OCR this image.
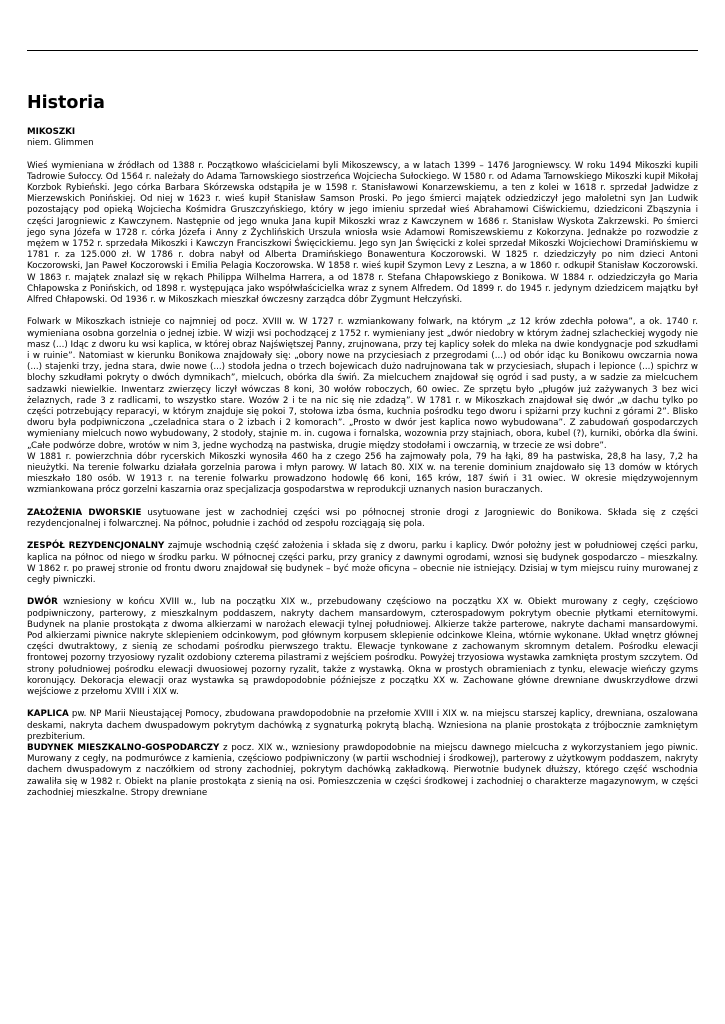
Historia

MIKOSZKI

niem. Glimmen

Wieś wymieniana w źródłach od 1388 r. Początkowo właścicielami byli Mikoszewscy, a w latach 1399 – 1476 Jarogniewscy. W roku 1494 Mikoszki kupili Tadrowie Sułoccy. Od 1564 r. należały do Adama Tarnowskiego siostrzeńca Wojciecha Sułockiego. W 1580 r. od Adama Tarnowskiego Mikoszki kupił Mikołaj Korzbok Rybieński. Jego córka Barbara Skórzewska odstąpiła je w 1598 r. Stanisławowi Konarzewskiemu, a ten z kolei w 1618 r. sprzedał Jadwidze z Mierzewskich Ponińskiej. Od niej w 1623 r. wieś kupił Stanisław Samson Proski. Po jego śmierci majątek odziedziczył jego małoletni syn Jan Ludwik pozostający pod opieką Wojciecha Kośmidra Gruszczyńskiego, który w jego imieniu sprzedał wieś Abrahamowi Ciświckiemu, dziedziconi Zbąszynia i części Jarogniewic z Kawczynem. Następnie od jego wnuka Jana kupił Mikoszki wraz z Kawczynem w 1686 r. Stanisław Wyskota Zakrzewski. Po śmierci jego syna Józefa w 1728 r. córka Józefa i Anny z Żychlińskich Urszula wniosła wsie Adamowi Romiszewskiemu z Kokorzyna. Jednakże po rozwodzie z mężem w 1752 r. sprzedała Mikoszki i Kawczyn Franciszkowi Święcickiemu. Jego syn Jan Święcicki z kolei sprzedał Mikoszki Wojciechowi Dramińskiemu w 1781 r. za 125.000 zł. W 1786 r. dobra nabył od Alberta Dramińskiego Bonawentura Koczorowski. W 1825 r. dziedziczyły po nim dzieci Antoni Koczorowski, Jan Paweł Koczorowski i Emilia Pelagia Koczorowska. W 1858 r. wieś kupił Szymon Levy z Leszna, a w 1860 r. odkupił Stanisław Koczorowski. W 1863 r. majątek znalazł się w rękach Philippa Wilhelma Harrera, a od 1878 r. Stefana Chłapowskiego z Bonikowa. W 1884 r. odziedziczyła go Maria Chłapowska z Ponińskich, od 1898 r. występująca jako współwłaścicielka wraz z synem Alfredem. Od 1899 r. do 1945 r. jedynym dziedzicem majątku był Alfred Chłapowski. Od 1936 r. w Mikoszkach mieszkał ówczesny zarządca dóbr Zygmunt Hełczyński.

Folwark w Mikoszkach istnieje co najmniej od pocz. XVIII w. W 1727 r. wzmiankowany folwark, na którym „z 12 krów zdechła połowa”, a ok. 1740 r. wymieniana osobna gorzelnia o jednej izbie. W wizji wsi pochodzącej z 1752 r. wymieniany jest „dwór niedobry w którym żadnej szlacheckiej wygody nie masz (...) Idąc z dworu ku wsi kaplica, w której obraz Najświętszej Panny, zrujnowana, przy tej kaplicy sołek do mleka na dwie kondygnacje pod szkudłami i w ruinie”. Natomiast w kierunku Bonikowa znajdowały się: „obory nowe na przyciesiach z przegrodami (...) od obór idąc ku Bonikowu owczarnia nowa (...) stajenki trzy, jedna stara, dwie nowe (...) stodoła jedna o trzech bojewicach dużo nadrujnowana tak w przyciesiach, słupach i lepionce (...) spichrz w blochy szkudłami pokryty o dwóch dymnikach”, mielcuch, obórka dla świń. Za mielcuchem znajdował się ogród i sad pusty, a w sadzie za mielcuchem sadzawki niewielkie. Inwentarz zwierzęcy liczył wówczas 8 koni, 30 wołów roboczych, 60 owiec. Ze sprzętu było „pługów już zażywanych 3 bez wici żelaznych, rade 3 z radlicami, to wszystko stare. Wozów 2 i te na nic się nie zdadzą”. W 1781 r. w Mikoszkach znajdował się dwór „w dachu tylko po części potrzebujący reparacyi, w którym znajduje się pokoi 7, stołowa izba ósma, kuchnia pośrodku tego dworu i spiżarni przy kuchni z górami 2”. Blisko dworu była podpiwniczona „czeladnica stara o 2 izbach i 2 komorach”. „Prosto w dwór jest kaplica nowo wybudowana”. Z zabudowań gospodarczych wymieniany mielcuch nowo wybudowany, 2 stodoły, stajnie m. in. cugowa i fornalska, wozownia przy stajniach, obora, kubel (?), kurniki, obórka dla świni. „Całe podwórze dobre, wrotów w nim 3, jedne wychodzą na pastwiska, drugie między stodołami i owczarnią, w trzecie ze wsi dobre”.

W 1881 r. powierzchnia dóbr rycerskich Mikoszki wynosiła 460 ha z czego 256 ha zajmowały pola, 79 ha łąki, 89 ha pastwiska, 28,8 ha lasy, 7,2 ha nieużytki. Na terenie folwarku działała gorzelnia parowa i młyn parowy. W latach 80. XIX w. na terenie dominium znajdowało się 13 domów w których mieszkało 180 osób. W 1913 r. na terenie folwarku prowadzono hodowlę 66 koni, 165 krów, 187 świń i 31 owiec. W okresie międzywojennym wzmiankowana prócz gorzelni kaszarnia oraz specjalizacja gospodarstwa w reprodukcji uznanych nasion buraczanych.

ZAŁOŻENIA DWORSKIE usytuowane jest w zachodniej części wsi po północnej stronie drogi z Jarogniewic do Bonikowa. Składa się z części rezydencjonalnej i folwarcznej. Na północ, południe i zachód od zespołu rozciągają się pola.

ZESPÓŁ REZYDENCJONALNY zajmuje wschodnią część założenia i składa się z dworu, parku i kaplicy. Dwór położny jest w południowej części parku, kaplica na północ od niego w środku parku. W północnej części parku, przy granicy z dawnymi ogrodami, wznosi się budynek gospodarczo – mieszkalny. W 1862 r. po prawej stronie od frontu dworu znajdował się budynek – być może oficyna – obecnie nie istniejący. Dzisiaj w tym miejscu ruiny murowanej z cegły piwniczki.

DWÓR wzniesiony w końcu XVIII w., lub na początku XIX w., przebudowany częściowo na początku XX w. Obiekt murowany z cegły, częściowo podpiwniczony, parterowy, z mieszkalnym poddaszem, nakryty dachem mansardowym, czterospadowym pokrytym obecnie płytkami eternitowymi. Budynek na planie prostokąta z dwoma alkierzami w narożach elewacji tylnej południowej. Alkierze także parterowe, nakryte dachami mansardowymi. Pod alkierzami piwnice nakryte sklepieniem odcinkowym, pod głównym korpusem sklepienie odcinkowe Kleina, wtórnie wykonane. Układ wnętrz głównej części dwutraktowy, z sienią ze schodami pośrodku pierwszego traktu. Elewacje tynkowane z zachowanym skromnym detalem. Pośrodku elewacji frontowej pozorny trzyosiowy ryzalit ozdobiony czterema pilastrami z wejściem pośrodku. Powyżej trzyosiowa wystawka zamknięta prostym szczytem. Od strony południowej pośrodku elewacji dwuosiowej pozorny ryzalit, także z wystawką. Okna w prostych obramieniach z tynku, elewacje wieńczy gzyms koronujący. Dekoracja elewacji oraz wystawka są prawdopodobnie późniejsze z początku XX w. Zachowane główne drewniane dwuskrzydłowe drzwi wejściowe z przełomu XVIII i XIX w.

KAPLICA pw. NP Marii Nieustającej Pomocy, zbudowana prawdopodobnie na przełomie XVIII i XIX w. na miejscu starszej kaplicy, drewniana, oszalowana deskami, nakryta dachem dwuspadowym pokrytym dachówką z sygnaturką pokrytą blachą. Wzniesiona na planie prostokąta z trójbocznie zamkniętym prezbiterium.

BUDYNEK MIESZKALNO-GOSPODARCZY z pocz. XIX w., wzniesiony prawdopodobnie na miejscu dawnego mielcucha z wykorzystaniem jego piwnic. Murowany z cegły, na podmurówce z kamienia, częściowo podpiwniczony (w partii wschodniej i środkowej), parterowy z użytkowym poddaszem, nakryty dachem dwuspadowym z naczółkiem od strony zachodniej, pokrytym dachówką zakładkową. Pierwotnie budynek dłuższy, którego część wschodnia zawaliła się w 1982 r. Obiekt na planie prostokąta z sienią na osi. Pomieszczenia w części środkowej i zachodniej o charakterze magazynowym, w części zachodniej mieszkalne. Stropy drewniane
